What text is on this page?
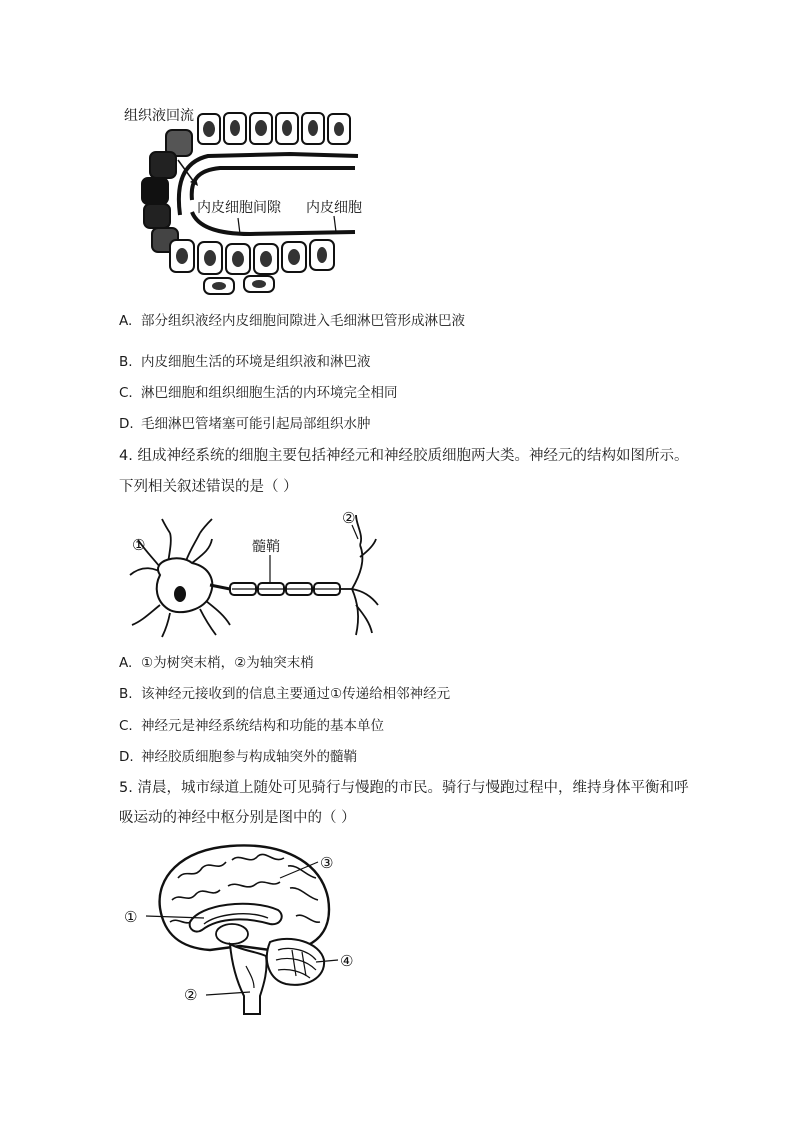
组织液回流
内皮细胞间隙 内皮细胞
A. 部分组织液经内皮细胞间隙进入毛细淋巴管形成淋巴液
B. 内皮细胞生活的环境是组织液和淋巴液
C. 淋巴细胞和组织细胞生活的内环境完全相同
D. 毛细淋巴管堵塞可能引起局部组织水肿
4. 组成神经系统的细胞主要包括神经元和神经胶质细胞两大类。神经元的结构如图所示。
下列相关叙述错误的是（ ）
①	髓鞘
②
A. ①为树突末梢，②为轴突末梢
B. 该神经元接收到的信息主要通过①传递给相邻神经元
C. 神经元是神经系统结构和功能的基本单位
D. 神经胶质细胞参与构成轴突外的髓鞘
5. 清晨，城市绿道上随处可见骑行与慢跑的市民。骑行与慢跑过程中，维持身体平衡和呼
吸运动的神经中枢分别是图中的（ ）
①
②
③
④
